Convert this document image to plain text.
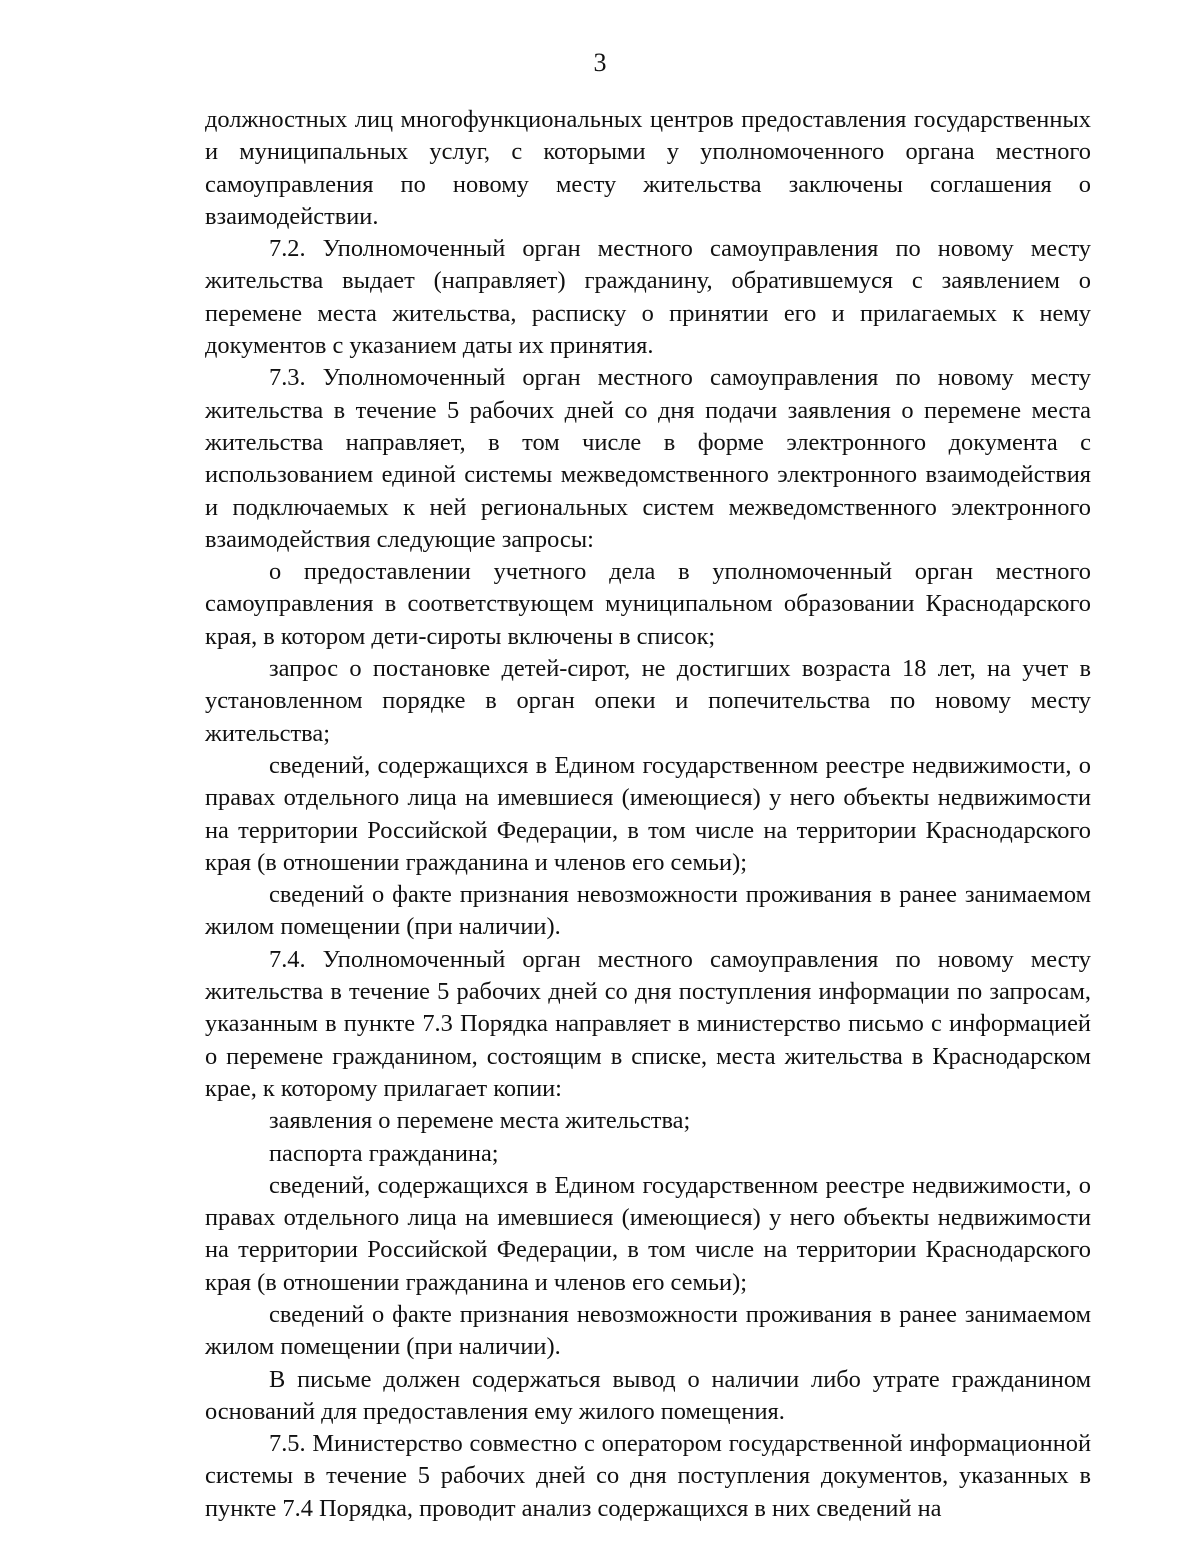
3

должностных лиц многофункциональных центров предоставления государственных и муниципальных услуг, с которыми у уполномоченного органа местного самоуправления по новому месту жительства заключены соглашения о взаимодействии.

7.2. Уполномоченный орган местного самоуправления по новому месту жительства выдает (направляет) гражданину, обратившемуся с заявлением о перемене места жительства, расписку о принятии его и прилагаемых к нему документов с указанием даты их принятия.

7.3. Уполномоченный орган местного самоуправления по новому месту жительства в течение 5 рабочих дней со дня подачи заявления о перемене места жительства направляет, в том числе в форме электронного документа с использованием единой системы межведомственного электронного взаимодействия и подключаемых к ней региональных систем межведомственного электронного взаимодействия следующие запросы:

о предоставлении учетного дела в уполномоченный орган местного самоуправления в соответствующем муниципальном образовании Краснодарского края, в котором дети-сироты включены в список;

запрос о постановке детей-сирот, не достигших возраста 18 лет, на учет в установленном порядке в орган опеки и попечительства по новому месту жительства;

сведений, содержащихся в Едином государственном реестре недвижимости, о правах отдельного лица на имевшиеся (имеющиеся) у него объекты недвижимости на территории Российской Федерации, в том числе на территории Краснодарского края (в отношении гражданина и членов его семьи);

сведений о факте признания невозможности проживания в ранее занимаемом жилом помещении (при наличии).

7.4. Уполномоченный орган местного самоуправления по новому месту жительства в течение 5 рабочих дней со дня поступления информации по запросам, указанным в пункте 7.3 Порядка направляет в министерство письмо с информацией о перемене гражданином, состоящим в списке, места жительства в Краснодарском крае, к которому прилагает копии:

заявления о перемене места жительства;

паспорта гражданина;

сведений, содержащихся в Едином государственном реестре недвижимости, о правах отдельного лица на имевшиеся (имеющиеся) у него объекты недвижимости на территории Российской Федерации, в том числе на территории Краснодарского края (в отношении гражданина и членов его семьи);

сведений о факте признания невозможности проживания в ранее занимаемом жилом помещении (при наличии).

В письме должен содержаться вывод о наличии либо утрате гражданином оснований для предоставления ему жилого помещения.

7.5. Министерство совместно с оператором государственной информационной системы в течение 5 рабочих дней со дня поступления документов, указанных в пункте 7.4 Порядка, проводит анализ содержащихся в них сведений на
